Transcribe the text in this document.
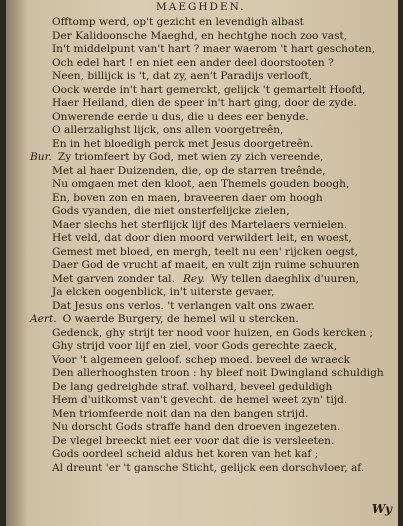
MAEGHDEN.
Offtomp werd, op't gezicht en levendigh albast
Der Kalidoonsche Maeghd, en hechtghe noch zoo vast,
In't middelpunt van't hart ? maer waerom 't hart geschoten,
Och edel hart ! en niet een ander deel doorstooten ?
Neen, billijck is 't, dat zy, aen't Paradijs verlooft,
Oock werde in't hart gemerckt, gelijck 't gemartelt Hoofd,
Haer Heiland, dien de speer in't hart ging, door de zyde.
Onwerende eerde u dus, die u dees eer benyde.
O allerzalighst lijck, ons allen voorgetreên,
En in het bloedigh perck met Jesus doorgetreên.
Bur. Zy triomfeert by God, met wien zy zich vereende,
Met al haer Duizenden, die, op de starren treênde,
Nu omgaen met den kloot, aen Themels gouden boogh,
En, boven zon en maen, braveeren daer om hoogh
Gods vyanden, die niet onsterfelijcke zielen,
Maer slechs het sterflijck lijf des Martelaers vernielen.
Het veld, dat door dien moord verwildert leit, en woest,
Gemest met bloed, en mergh, teelt nu een' rijcken oegst,
Daer God de vrucht af maeit, en vult zijn ruime schuuren
Met garven zonder tal. Rey. Wy tellen daeghlix d'uuren,
Ja elcken oogenblick, in't uiterste gevaer,
Dat Jesus ons verlos. 't verlangen valt ons zwaer.
Aert. O waerde Burgery, de hemel wil u stercken.
Gedenck, ghy strijt ter nood voor huizen, en Gods kercken ;
Ghy strijd voor lijf en ziel, voor Gods gerechte zaeck,
Voor 't algemeen geloof. schep moed. beveel de wraeck
Den allerhooghsten troon : hy bleef noit Dwingland schuldigh
De lang gedreighde straf. volhard, beveel geduldigh
Hem d'uitkomst van't gevecht. de hemel weet zyn' tijd.
Men triomfeerde noit dan na den bangen strijd.
Nu dorscht Gods straffe hand den droeven ingezeten.
De vlegel breeckt niet eer voor dat die is versleeten.
Gods oordeel scheid aldus het koren van het kaf ;
Al dreunt 'er 't gansche Sticht, gelijck een dorschvloer, af.
Wy
